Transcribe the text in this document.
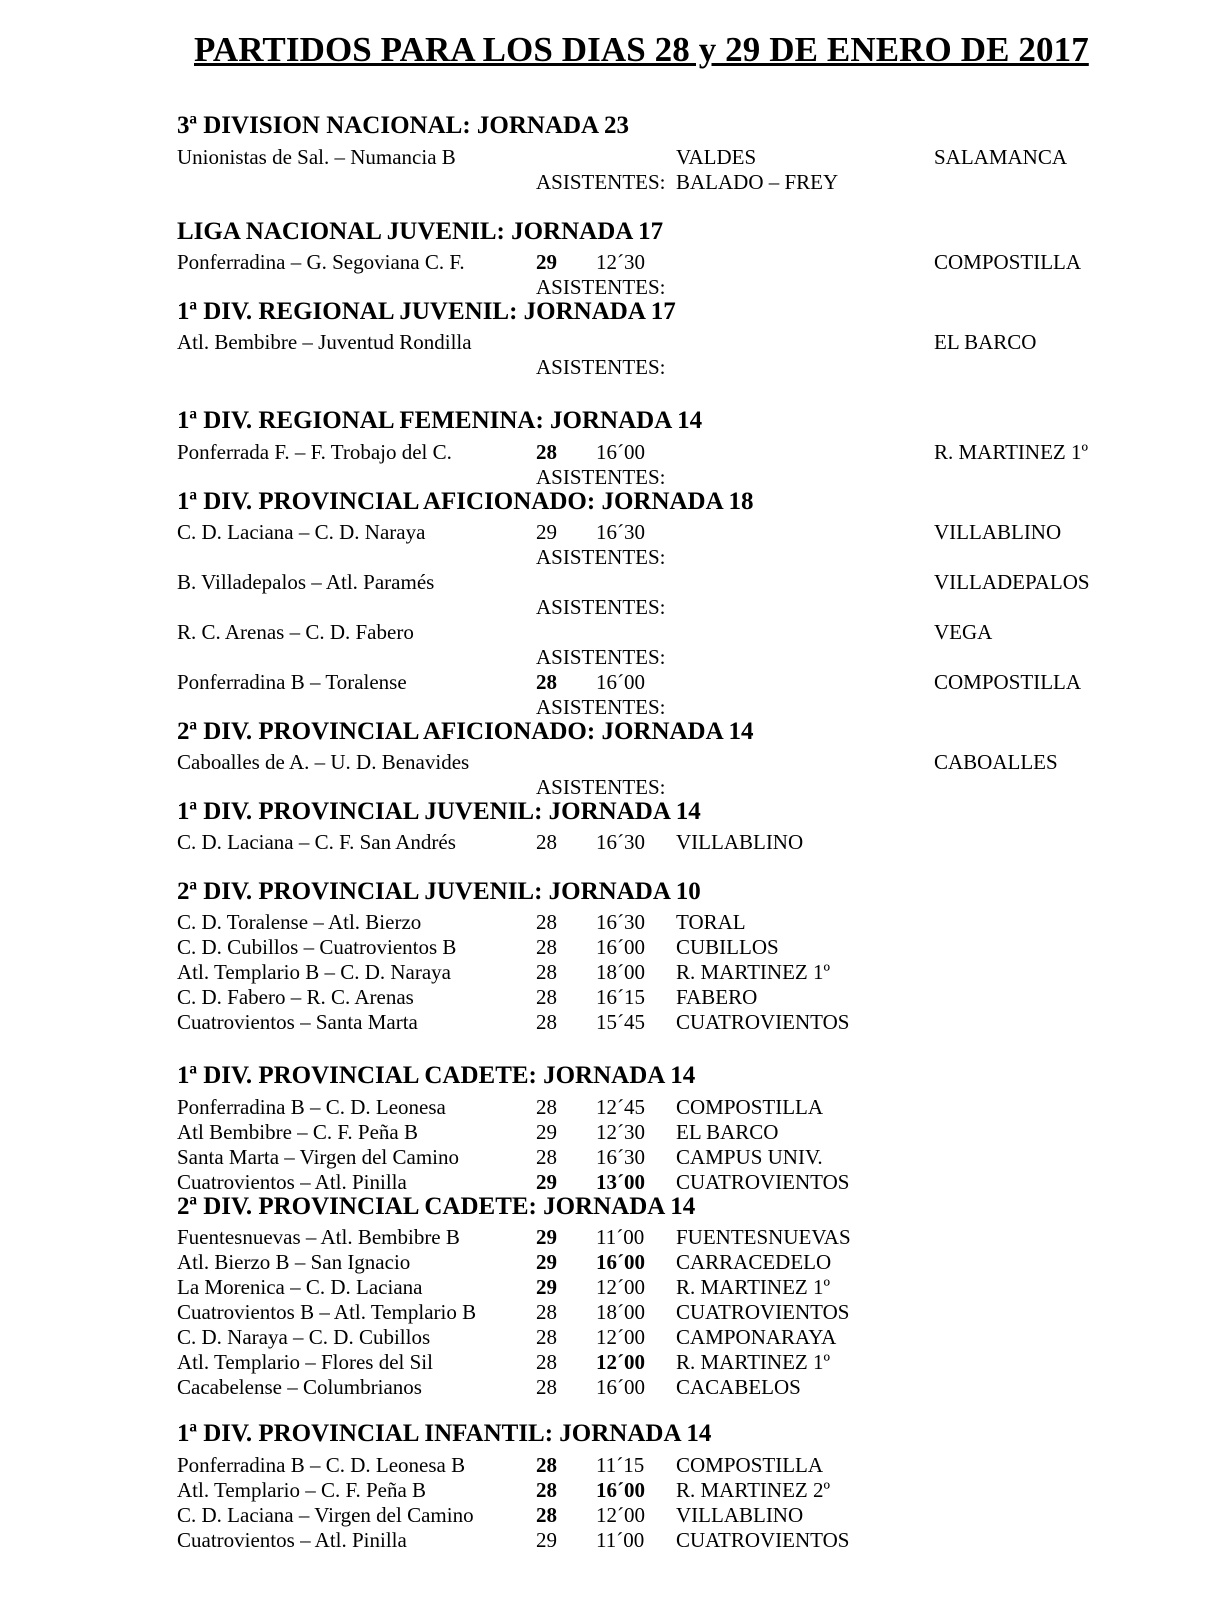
PARTIDOS PARA LOS DIAS 28 y 29 DE ENERO DE 2017
3ª DIVISION NACIONAL: JORNADA 23
Unionistas de Sal. – Numancia B	VALDES	SALAMANCA
ASISTENTES: BALADO – FREY
LIGA NACIONAL JUVENIL: JORNADA 17
Ponferradina – G. Segoviana C. F.	29 12´30	COMPOSTILLA
ASISTENTES:
1ª DIV. REGIONAL JUVENIL: JORNADA 17
Atl. Bembibre – Juventud Rondilla	EL BARCO
ASISTENTES:
1ª DIV. REGIONAL FEMENINA: JORNADA 14
Ponferrada F. – F. Trobajo del C.	28 16´00	R. MARTINEZ 1º
ASISTENTES:
1ª DIV. PROVINCIAL AFICIONADO: JORNADA 18
C. D. Laciana – C. D. Naraya	29 16´30	VILLABLINO
ASISTENTES:
B. Villadepalos – Atl. Paramés	VILLADEPALOS
ASISTENTES:
R. C. Arenas – C. D. Fabero	VEGA
ASISTENTES:
Ponferradina B – Toralense	28 16´00	COMPOSTILLA
ASISTENTES:
2ª DIV. PROVINCIAL AFICIONADO: JORNADA 14
Caboalles de A. – U. D. Benavides	CABOALLES
ASISTENTES:
1ª DIV. PROVINCIAL JUVENIL: JORNADA 14
C. D. Laciana – C. F. San Andrés	28 16´30 VILLABLINO
2ª DIV. PROVINCIAL JUVENIL: JORNADA 10
C. D. Toralense – Atl. Bierzo	28 16´30 TORAL
C. D. Cubillos – Cuatrovientos B	28 16´00 CUBILLOS
Atl. Templario B – C. D. Naraya	28 18´00 R. MARTINEZ 1º
C. D. Fabero – R. C. Arenas	28 16´15 FABERO
Cuatrovientos – Santa Marta	28 15´45 CUATROVIENTOS
1ª DIV. PROVINCIAL CADETE: JORNADA 14
Ponferradina B – C. D. Leonesa	28 12´45 COMPOSTILLA
Atl Bembibre – C. F. Peña B	29 12´30 EL BARCO
Santa Marta – Virgen del Camino	28 16´30 CAMPUS UNIV.
Cuatrovientos – Atl. Pinilla	29 13´00 CUATROVIENTOS
2ª DIV. PROVINCIAL CADETE: JORNADA 14
Fuentesnuevas – Atl. Bembibre B	29 11´00 FUENTESNUEVAS
Atl. Bierzo B – San Ignacio	29 16´00 CARRACEDELO
La Morenica – C. D. Laciana	29 12´00 R. MARTINEZ 1º
Cuatrovientos B – Atl. Templario B	28 18´00 CUATROVIENTOS
C. D. Naraya – C. D. Cubillos	28 12´00 CAMPONARAYA
Atl. Templario – Flores del Sil	28 12´00 R. MARTINEZ 1º
Cacabelense – Columbrianos	28 16´00 CACABELOS
1ª DIV. PROVINCIAL INFANTIL: JORNADA 14
Ponferradina B – C. D. Leonesa B	28 11´15 COMPOSTILLA
Atl. Templario – C. F. Peña B	28 16´00 R. MARTINEZ 2º
C. D. Laciana – Virgen del Camino	28 12´00 VILLABLINO
Cuatrovientos – Atl. Pinilla	29 11´00 CUATROVIENTOS
